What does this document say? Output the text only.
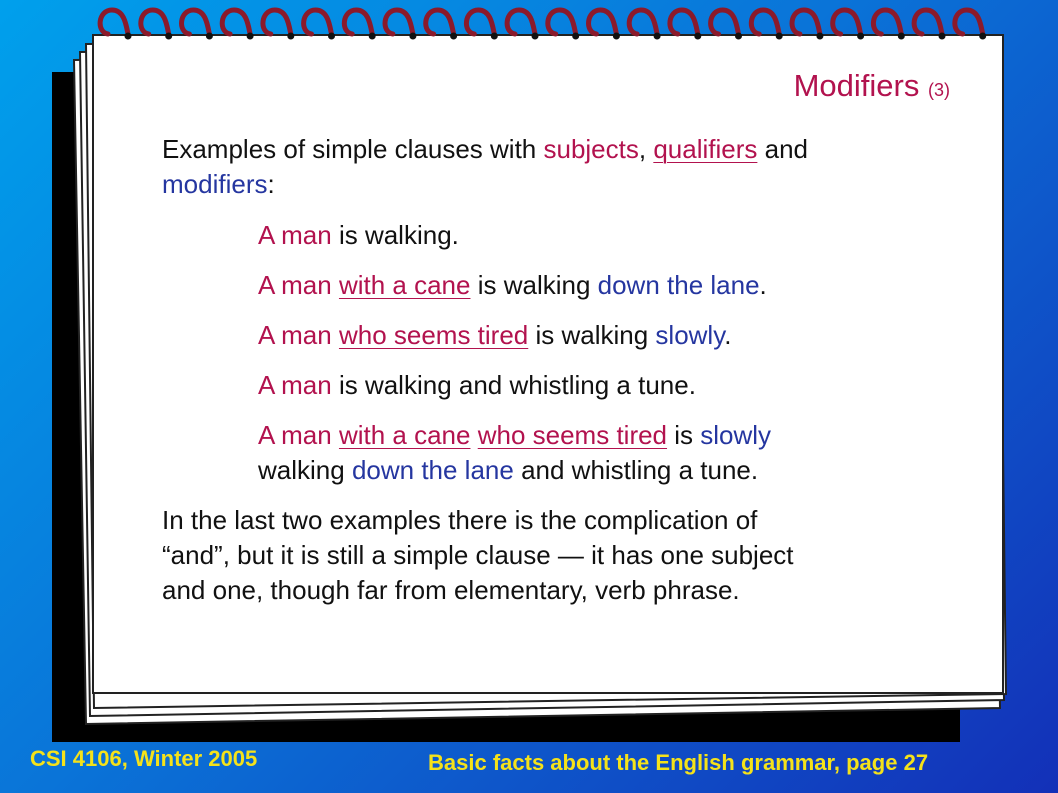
Modifiers (3)
Examples of simple clauses with subjects, qualifiers and
modifiers:
A man is walking.
A man with a cane is walking down the lane.
A man who seems tired is walking slowly.
A man is walking and whistling a tune.
A man with a cane who seems tired is slowly
walking down the lane and whistling a tune.
In the last two examples there is the complication of
“and”, but it is still a simple clause — it has one subject
and one, though far from elementary, verb phrase.
CSI 4106, Winter 2005	Basic facts about the English grammar, page 27
